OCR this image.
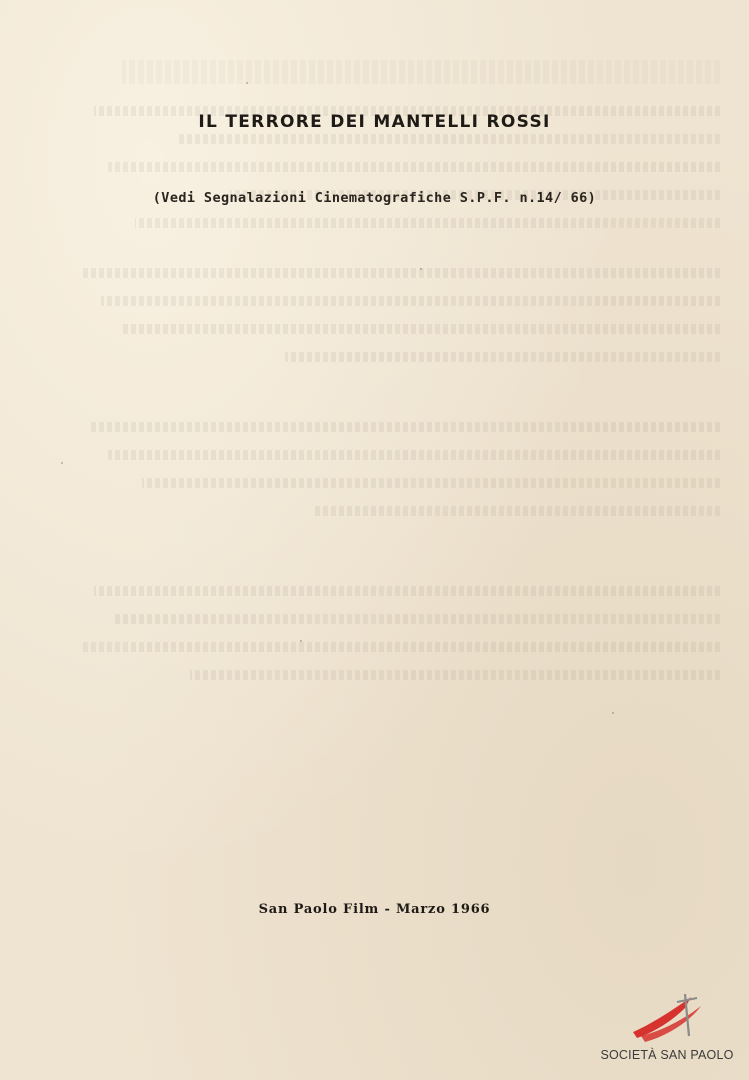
IL TERRORE DEI MANTELLI ROSSI
(Vedi Segnalazioni Cinematografiche S.P.F. n.14/ 66)
San Paolo Film - Marzo 1966
SOCIETÀ SAN PAOLO
